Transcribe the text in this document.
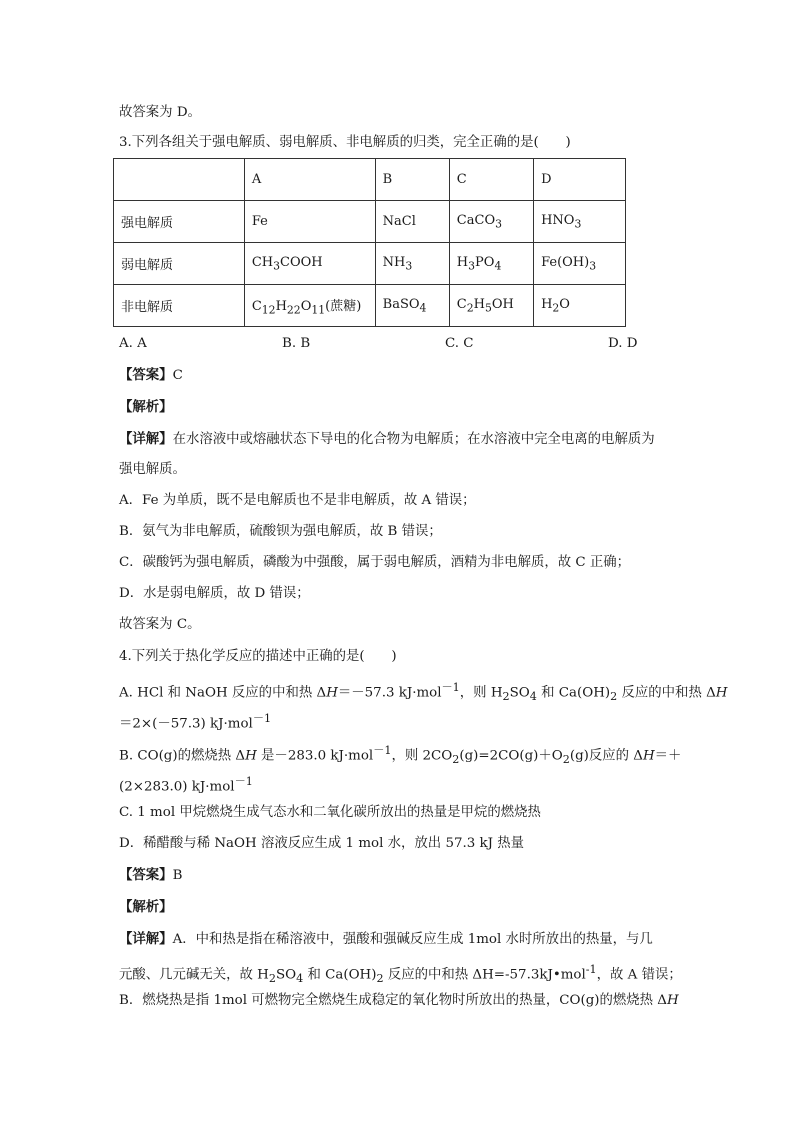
故答案为 D。
3.下列各组关于强电解质、弱电解质、非电解质的归类，完全正确的是(　　)
	A	B	C	D
强电解质	Fe	NaCl	CaCO$_3$	$HNO_3$
弱电解质	$CH_3COOH$	$NH_3$	$H_3PO_4$	$Fe(OH)_3$
非电解质	$C_{12}H_{22}O_{11}$(蔗糖)	BaSO$_4$	$C_2H_5OH$	$H_2O$
A. A	B. B	C. C	D. D
【答案】C
【解析】
【详解】在水溶液中或熔融状态下导电的化合物为电解质；在水溶液中完全电离的电解质为
强电解质。
A．Fe 为单质，既不是电解质也不是非电解质，故 A 错误；
B．氨气为非电解质，硫酸钡为强电解质，故 B 错误；
C．碳酸钙为强电解质，磷酸为中强酸，属于弱电解质，酒精为非电解质，故 C 正确；
D．水是弱电解质，故 D 错误；
故答案为 C。
4.下列关于热化学反应的描述中正确的是(　　)
A. HCl 和 NaOH 反应的中和热 ΔH＝－57.3 kJ·mol$^{-1}$，则 $H_2SO_4$ 和 $Ca(OH)_2$ 反应的中和热 ΔH
＝2×(－57.3) kJ·mol$^{-1}$
B. CO(g)的燃烧热 ΔH 是－283.0 kJ·mol$^{-1}$，则 $2CO_2(g)=2CO(g)+O_2(g)$反应的 ΔH＝＋
(2×283.0) kJ·mol$^{-1}$
C. 1 mol 甲烷燃烧生成气态水和二氧化碳所放出的热量是甲烷的燃烧热
D．稀醋酸与稀 NaOH 溶液反应生成 1 mol 水，放出 57.3 kJ 热量
【答案】B
【解析】
【详解】A．中和热是指在稀溶液中，强酸和强碱反应生成 1mol 水时所放出的热量，与几
元酸、几元碱无关，故 $H_2SO_4$ 和 $Ca(OH)_2$ 反应的中和热 ΔH=-57.3kJ•mol$^{-1}$，故 A 错误；
B．燃烧热是指 1mol 可燃物完全燃烧生成稳定的氧化物时所放出的热量，CO(g)的燃烧热 ΔH
